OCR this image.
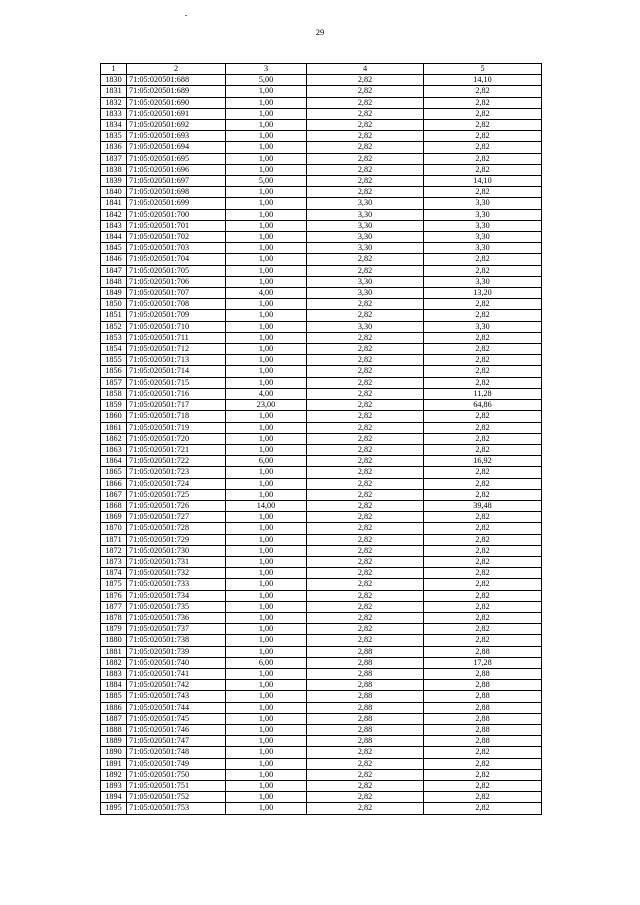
29
1	2	3	4	5
1830	71:05:020501:688	5,00	2,82	14,10
1831	71:05:020501:689	1,00	2,82	2,82
1832	71:05:020501:690	1,00	2,82	2,82
1833	71:05:020501:691	1,00	2,82	2,82
1834	71:05:020501:692	1,00	2,82	2,82
1835	71:05:020501:693	1,00	2,82	2,82
1836	71:05:020501:694	1,00	2,82	2,82
1837	71:05:020501:695	1,00	2,82	2,82
1838	71:05:020501:696	1,00	2,82	2,82
1839	71:05:020501:697	5,00	2,82	14,10
1840	71:05:020501:698	1,00	2,82	2,82
1841	71:05:020501:699	1,00	3,30	3,30
1842	71:05:020501:700	1,00	3,30	3,30
1843	71:05:020501:701	1,00	3,30	3,30
1844	71:05:020501:702	1,00	3,30	3,30
1845	71:05:020501:703	1,00	3,30	3,30
1846	71:05:020501:704	1,00	2,82	2,82
1847	71:05:020501:705	1,00	2,82	2,82
1848	71:05:020501:706	1,00	3,30	3,30
1849	71:05:020501:707	4,00	3,30	13,20
1850	71:05:020501:708	1,00	2,82	2,82
1851	71:05:020501:709	1,00	2,82	2,82
1852	71:05:020501:710	1,00	3,30	3,30
1853	71:05:020501:711	1,00	2,82	2,82
1854	71:05:020501:712	1,00	2,82	2,82
1855	71:05:020501:713	1,00	2,82	2,82
1856	71:05:020501:714	1,00	2,82	2,82
1857	71:05:020501:715	1,00	2,82	2,82
1858	71:05:020501:716	4,00	2,82	11,28
1859	71:05:020501:717	23,00	2,82	64,86
1860	71:05:020501:718	1,00	2,82	2,82
1861	71:05:020501:719	1,00	2,82	2,82
1862	71:05:020501:720	1,00	2,82	2,82
1863	71:05:020501:721	1,00	2,82	2,82
1864	71:05:020501:722	6,00	2,82	16,92
1865	71:05:020501:723	1,00	2,82	2,82
1866	71:05:020501:724	1,00	2,82	2,82
1867	71:05:020501:725	1,00	2,82	2,82
1868	71:05:020501:726	14,00	2,82	39,48
1869	71:05:020501:727	1,00	2,82	2,82
1870	71:05:020501:728	1,00	2,82	2,82
1871	71:05:020501:729	1,00	2,82	2,82
1872	71:05:020501:730	1,00	2,82	2,82
1873	71:05:020501:731	1,00	2,82	2,82
1874	71:05:020501:732	1,00	2,82	2,82
1875	71:05:020501:733	1,00	2,82	2,82
1876	71:05:020501:734	1,00	2,82	2,82
1877	71:05:020501:735	1,00	2,82	2,82
1878	71:05:020501:736	1,00	2,82	2,82
1879	71:05:020501:737	1,00	2,82	2,82
1880	71:05:020501:738	1,00	2,82	2,82
1881	71:05:020501:739	1,00	2,88	2,88
1882	71:05:020501:740	6,00	2,88	17,28
1883	71:05:020501:741	1,00	2,88	2,88
1884	71:05:020501:742	1,00	2,88	2,88
1885	71:05:020501:743	1,00	2,88	2,88
1886	71:05:020501:744	1,00	2,88	2,88
1887	71:05:020501:745	1,00	2,88	2,88
1888	71:05:020501:746	1,00	2,88	2,88
1889	71:05:020501:747	1,00	2,88	2,88
1890	71:05:020501:748	1,00	2,82	2,82
1891	71:05:020501:749	1,00	2,82	2,82
1892	71:05:020501:750	1,00	2,82	2,82
1893	71:05:020501:751	1,00	2,82	2,82
1894	71:05:020501:752	1,00	2,82	2,82
1895	71:05:020501:753	1,00	2,82	2,82
